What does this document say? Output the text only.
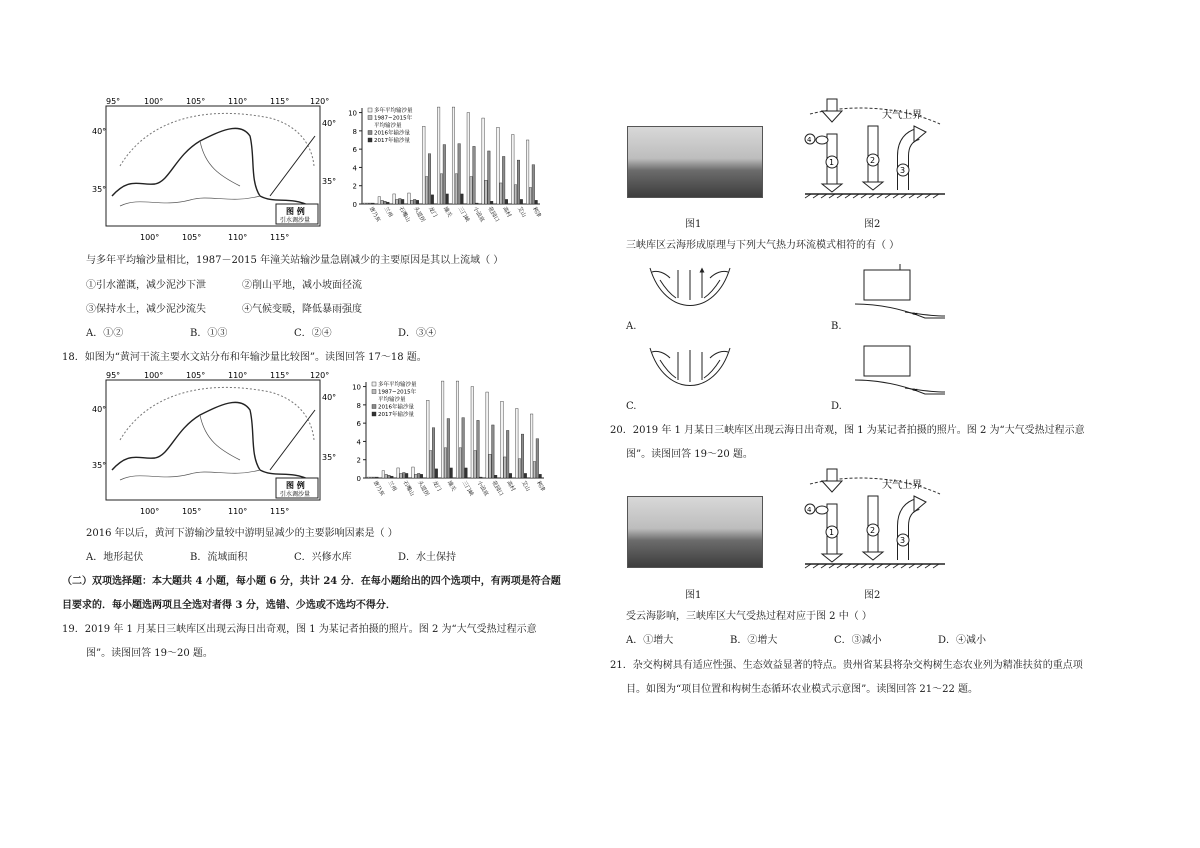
95°	100°	105°	110°	115°	120°
40°
35°
40°
35°
100°	105°	110°	115°
图 例
引水调沙量
0
2
4
6
8
10
唐乃亥 兰州 石嘴山 头道拐 龙门 潼关 三门峡 小浪底 花园口 高村 艾山 利津
多年平均输沙量
1987~2015年
平均输沙量
2016年输沙量
2017年输沙量
与多年平均输沙量相比，1987－2015 年潼关站输沙量急剧减少的主要原因是其以上流域（ ）
①引水灌溉，减少泥沙下泄	②削山平地，减小坡面径流
③保持水土，减少泥沙流失	④气候变暖，降低暴雨强度
A．①②	B．①③	C．②④	D．③④
18．如图为“黄河干流主要水文站分布和年输沙量比较图”。读图回答 17～18 题。
95°	100°	105°	110°	115°	120°
40°
35°
40°
35°
100°	105°	110°	115°
图 例
引水调沙量
0
2
4
6
8
10
唐乃亥 兰州 石嘴山 头道拐 龙门 潼关 三门峡 小浪底 花园口 高村 艾山 利津
多年平均输沙量
1987~2015年
平均输沙量
2016年输沙量
2017年输沙量
2016 年以后，黄河下游输沙量较中游明显减少的主要影响因素是（ ）
A．地形起伏	B．流域面积	C．兴修水库	D．水土保持
（二）双项选择题：本大题共 4 小题，每小题 6 分，共计 24 分．在每小题给出的四个选项中，有两项是符合题
目要求的．每小题选两项且全选对者得 3 分，选错、少选或不选均不得分．
19．2019 年 1 月某日三峡库区出现云海日出奇观，图 1 为某记者拍摄的照片。图 2 为“大气受热过程示意
图”。读图回答 19～20 题。
图1
大气上界
1
4
2
3
图2
三峡库区云海形成原理与下列大气热力环流模式相符的有（ ）
A.
≈
B.
C.
≈
D.
20．2019 年 1 月某日三峡库区出现云海日出奇观，图 1 为某记者拍摄的照片。图 2 为“大气受热过程示意
图”。读图回答 19～20 题。
图1
大气上界
1
4
2
3
图2
受云海影响，三峡库区大气受热过程对应于图 2 中（ ）
A．①增大	B．②增大	C．③减小	D．④减小
21．杂交构树具有适应性强、生态效益显著的特点。贵州省某县将杂交构树生态农业列为精准扶贫的重点项
目。如图为“项目位置和构树生态循环农业模式示意图”。读图回答 21～22 题。
